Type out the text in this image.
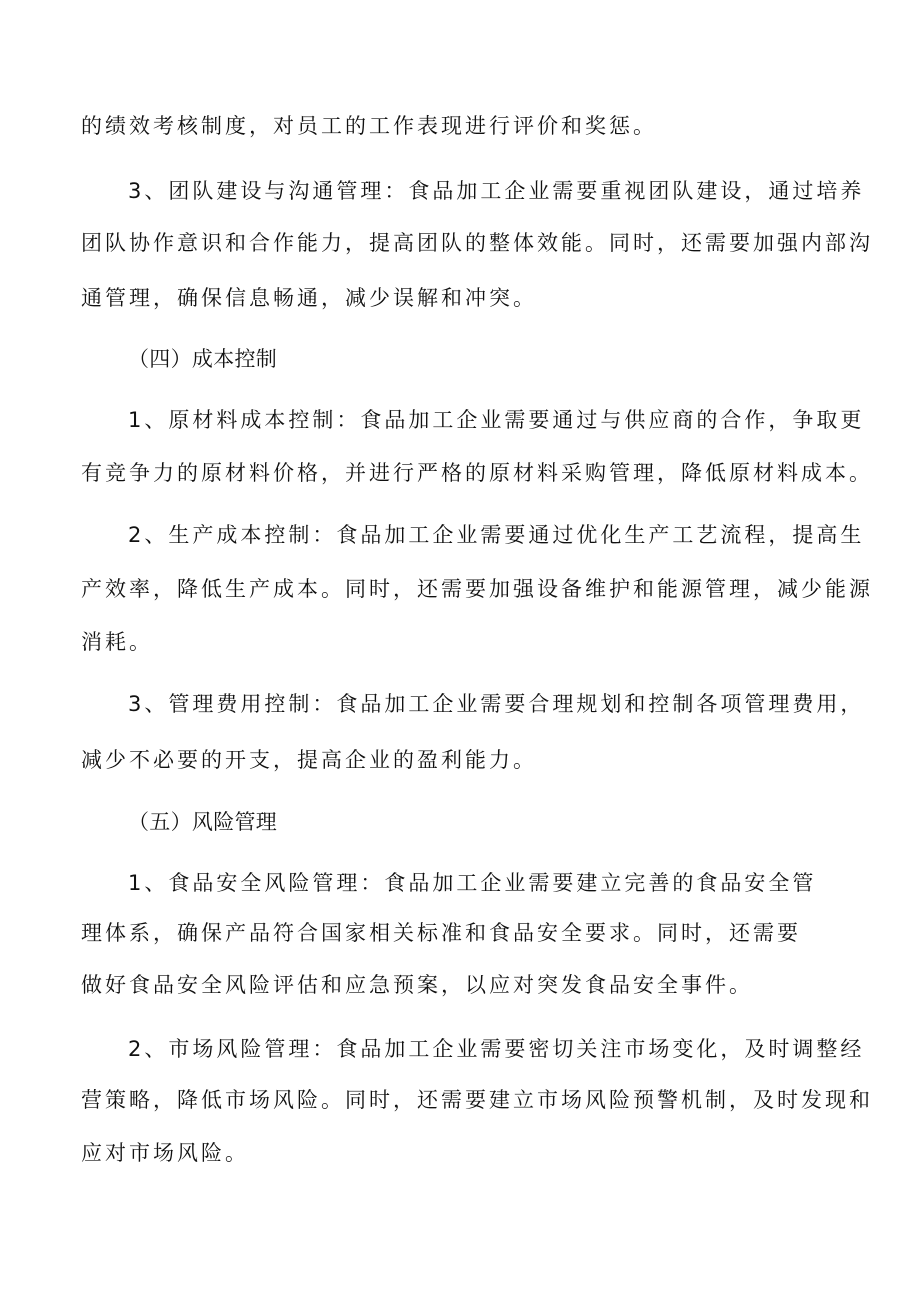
的绩效考核制度，对员工的工作表现进行评价和奖惩。
3、团队建设与沟通管理：食品加工企业需要重视团队建设，通过培养
团队协作意识和合作能力，提高团队的整体效能。同时，还需要加强内部沟
通管理，确保信息畅通，减少误解和冲突。
（四）成本控制
1、原材料成本控制：食品加工企业需要通过与供应商的合作，争取更
有竞争力的原材料价格，并进行严格的原材料采购管理，降低原材料成本。
2、生产成本控制：食品加工企业需要通过优化生产工艺流程，提高生
产效率，降低生产成本。同时，还需要加强设备维护和能源管理，减少能源
消耗。
3、管理费用控制：食品加工企业需要合理规划和控制各项管理费用，
减少不必要的开支，提高企业的盈利能力。
（五）风险管理
1、食品安全风险管理：食品加工企业需要建立完善的食品安全管
理体系，确保产品符合国家相关标准和食品安全要求。同时，还需要
做好食品安全风险评估和应急预案，以应对突发食品安全事件。
2、市场风险管理：食品加工企业需要密切关注市场变化，及时调整经
营策略，降低市场风险。同时，还需要建立市场风险预警机制，及时发现和
应对市场风险。
